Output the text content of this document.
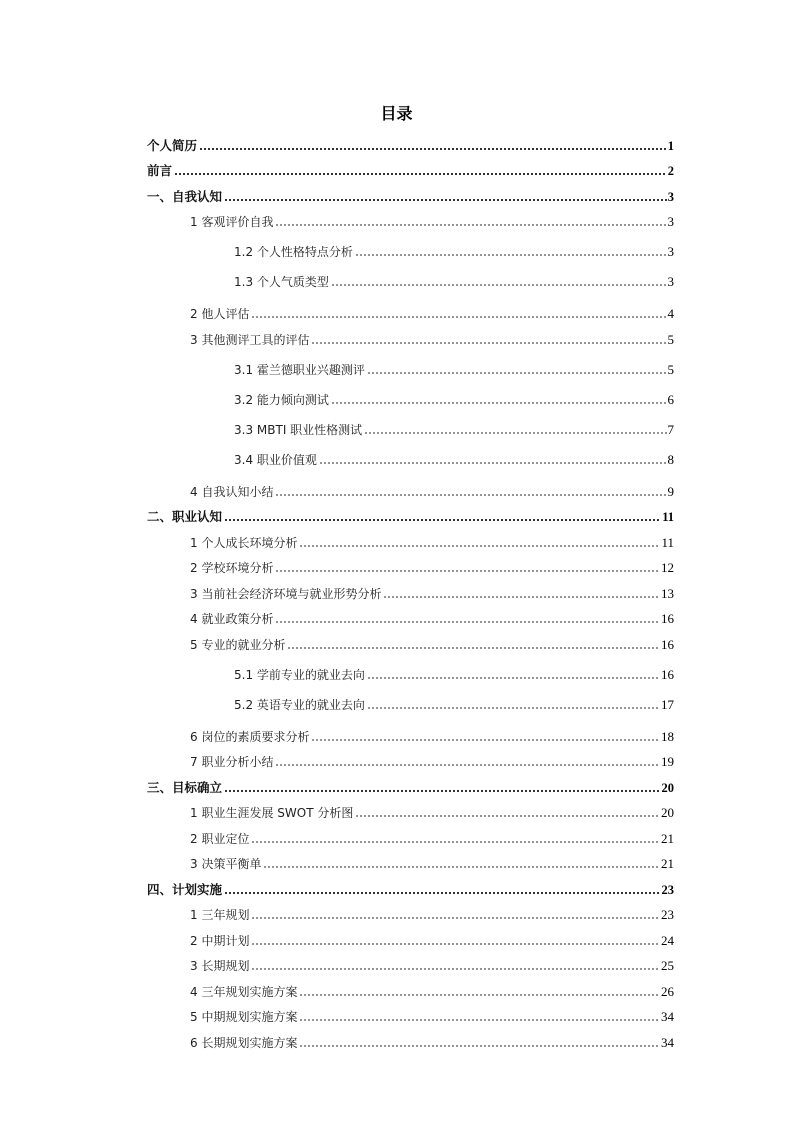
目录
个人简历	1
前言	2
一、自我认知	3
1 客观评价自我	3
1.2 个人性格特点分析	3
1.3 个人气质类型	3
2 他人评估	4
3 其他测评工具的评估	5
3.1 霍兰德职业兴趣测评	5
3.2 能力倾向测试	6
3.3 MBTI 职业性格测试	7
3.4 职业价值观	8
4 自我认知小结	9
二、职业认知	11
1 个人成长环境分析	11
2 学校环境分析	12
3 当前社会经济环境与就业形势分析	13
4 就业政策分析	16
5 专业的就业分析	16
5.1 学前专业的就业去向	16
5.2 英语专业的就业去向	17
6 岗位的素质要求分析	18
7 职业分析小结	19
三、目标确立	20
1 职业生涯发展 SWOT 分析图	20
2 职业定位	21
3 决策平衡单	21
四、计划实施	23
1 三年规划	23
2 中期计划	24
3 长期规划	25
4 三年规划实施方案	26
5 中期规划实施方案	34
6 长期规划实施方案	34
